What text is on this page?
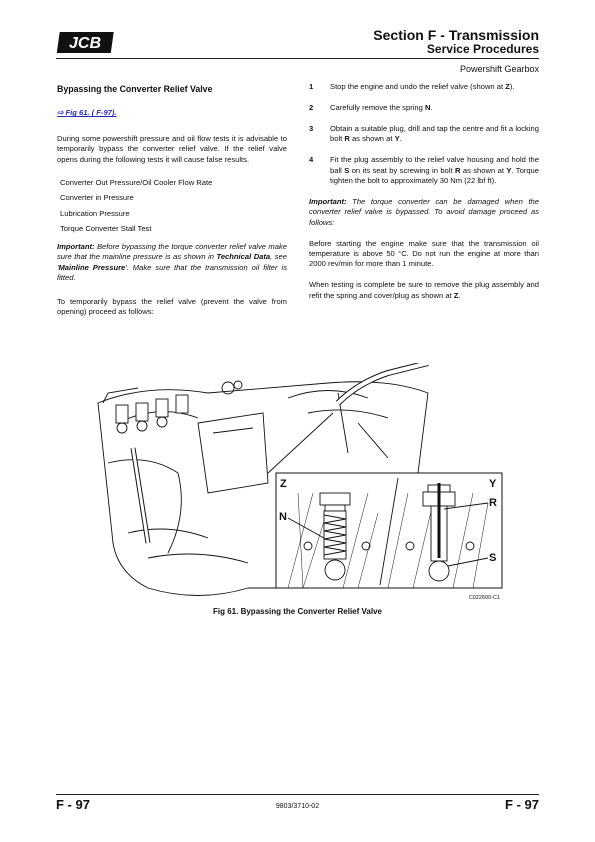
JCB	Section F - Transmission
Service Procedures
Powershift Gearbox

Bypassing the Converter Relief Valve

⇨ Fig 61. ( F-97).

During some powershift pressure and oil flow tests it is advisable to temporarily bypass the converter relief valve. If the relief valve opens during the following tests it will cause false results.

Converter Out Pressure/Oil Cooler Flow Rate
Converter in Pressure
Lubrication Pressure
Torque Converter Stall Test

Important: Before bypassing the torque converter relief valve make sure that the mainline pressure is as shown in Technical Data, see 'Mainline Pressure'. Make sure that the transmission oil filter is fitted.

To temporarily bypass the relief valve (prevent the valve from opening) proceed as follows:

1	Stop the engine and undo the relief valve (shown at Z).
2	Carefully remove the spring N.
3	Obtain a suitable plug, drill and tap the centre and fit a locking bolt R as shown at Y.
4	Fit the plug assembly to the relief valve housing and hold the ball S on its seat by screwing in bolt R as shown at Y. Torque tighten the bolt to approximately 30 Nm (22 lbf ft).

Important: The torque converter can be damaged when the converter relief valve is bypassed. To avoid damage proceed as follows:

Before starting the engine make sure that the transmission oil temperature is above 50 °C. Do not run the engine at more than 2000 rev/min for more than 1 minute.

When testing is complete be sure to remove the plug assembly and refit the spring and cover/plug as shown at Z.

Z
N
Y
R
S
C022600-C1
Fig 61. Bypassing the Converter Relief Valve
F - 97	9803/3710-02	F - 97
